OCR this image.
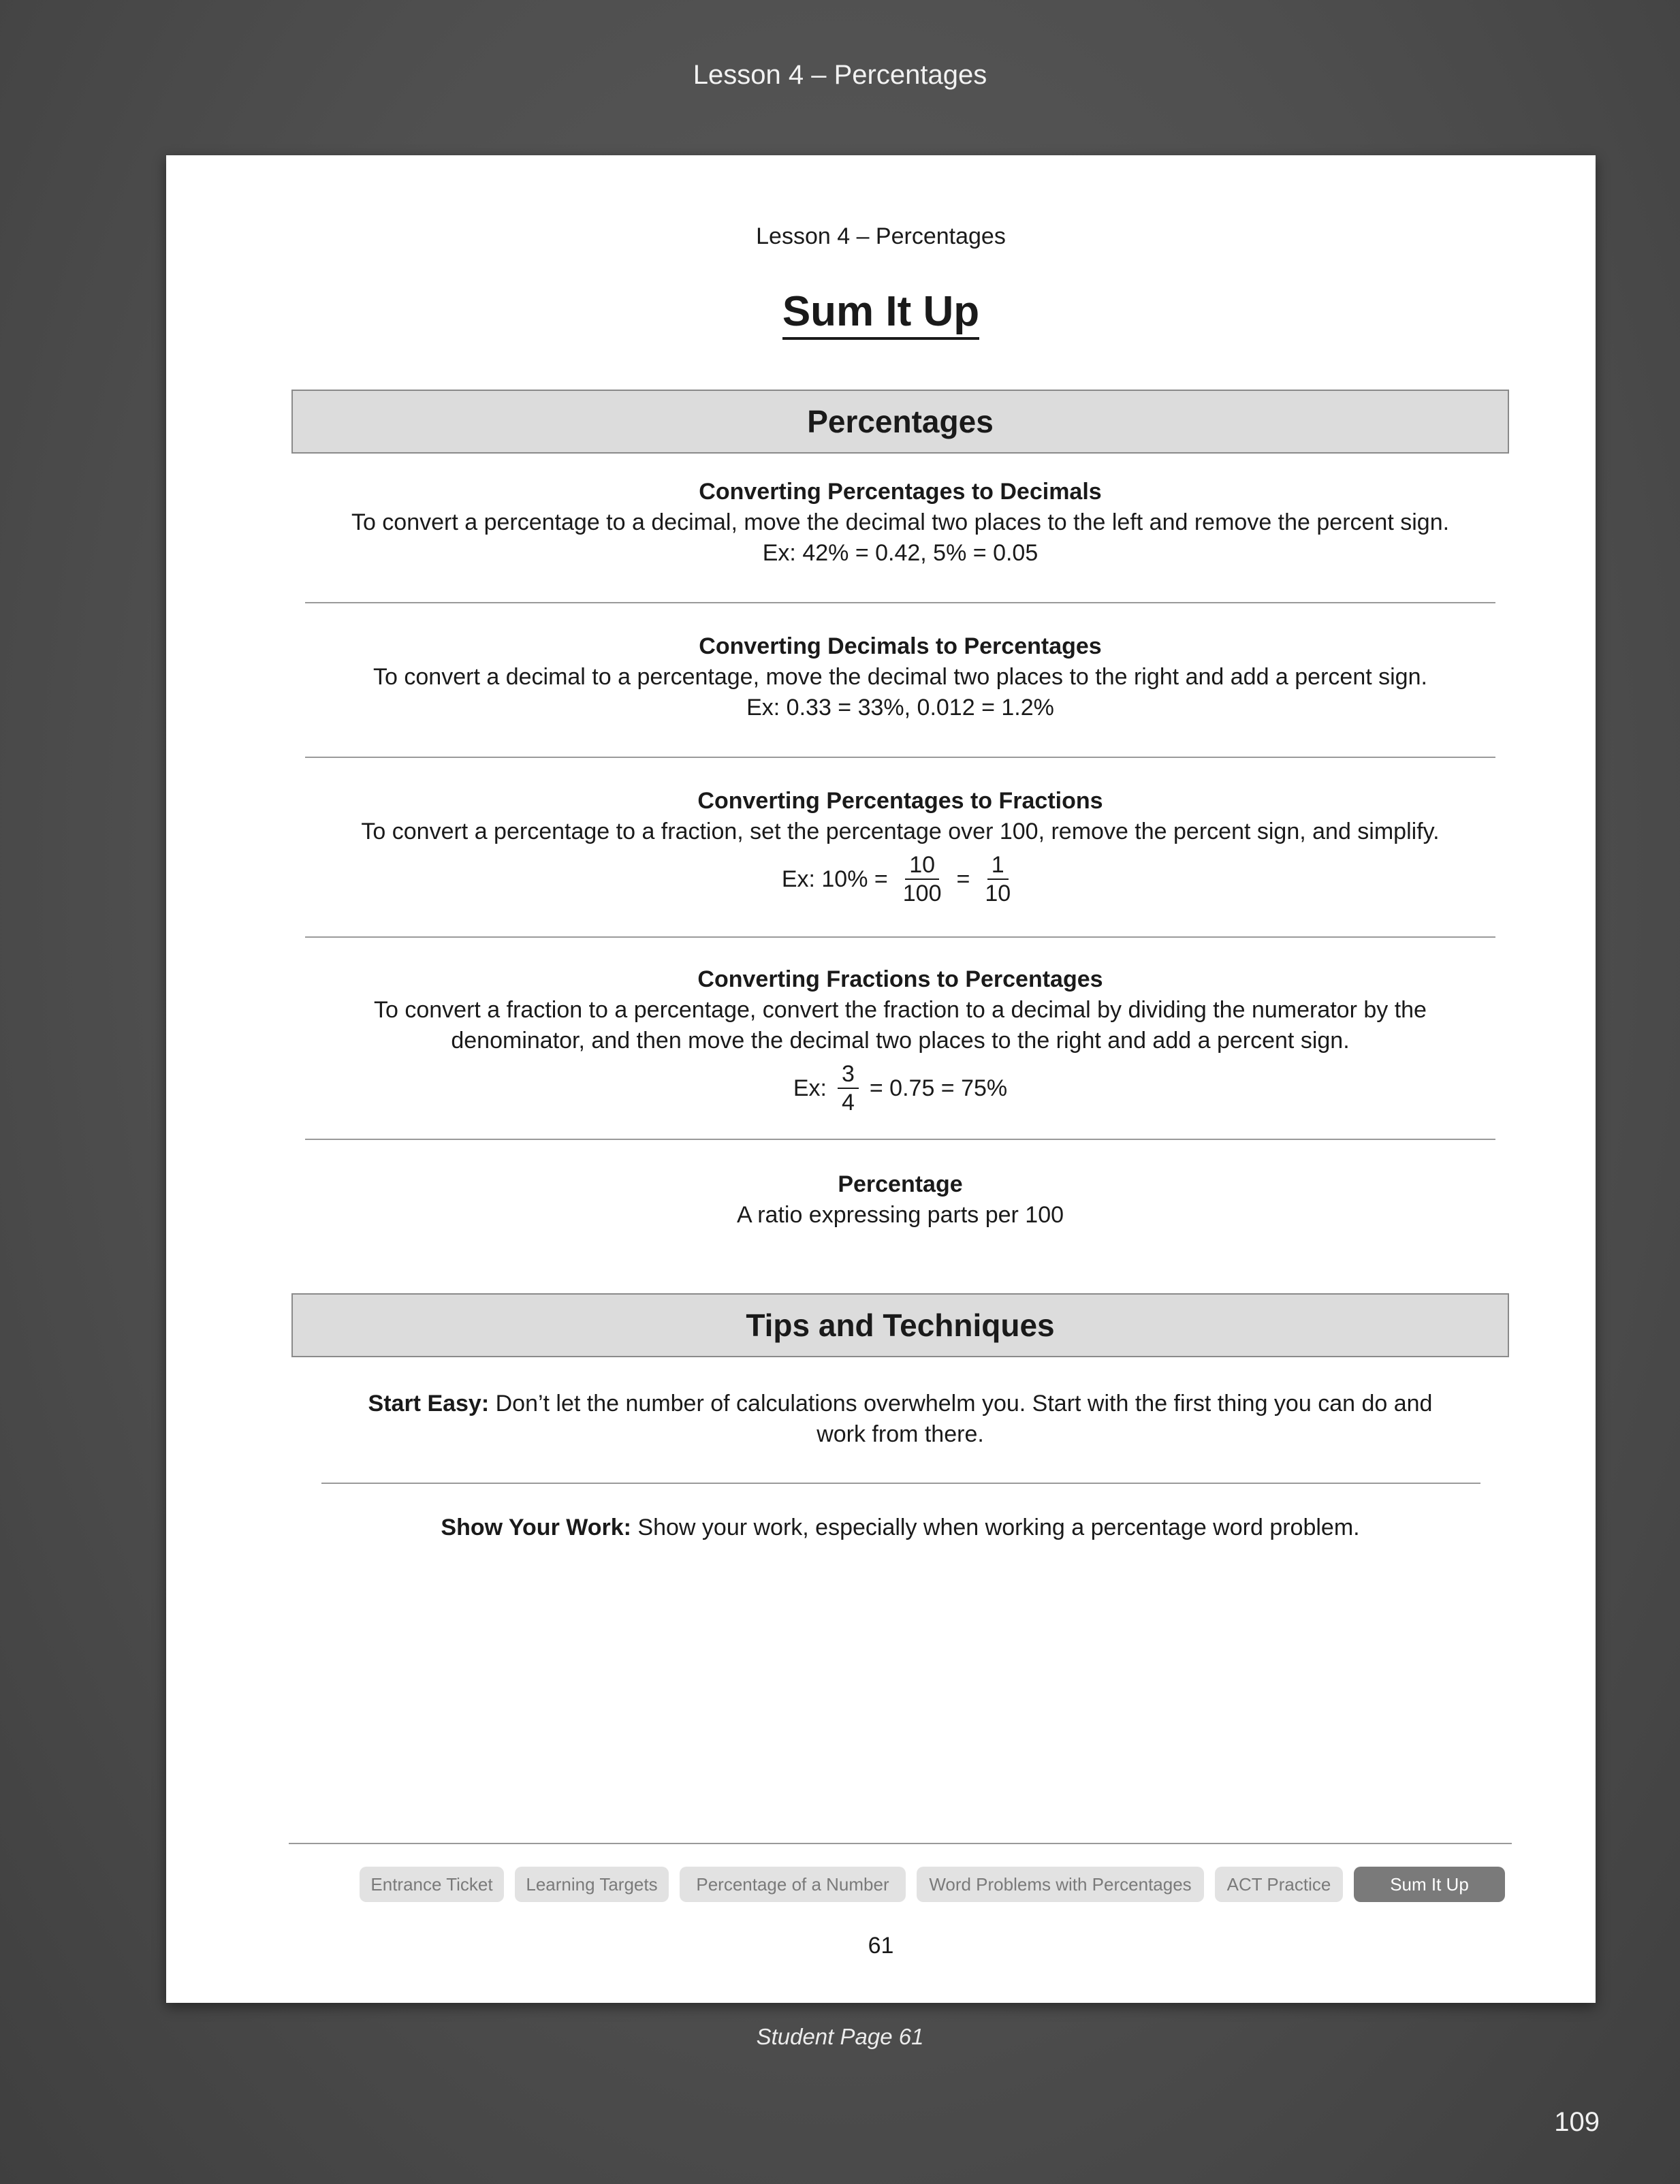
Lesson 4 – Percentages
Lesson 4 – Percentages
Sum It Up
Percentages
Converting Percentages to Decimals
To convert a percentage to a decimal, move the decimal two places to the left and remove the percent sign.
Ex: 42% = 0.42, 5% = 0.05
Converting Decimals to Percentages
To convert a decimal to a percentage, move the decimal two places to the right and add a percent sign.
Ex: 0.33 = 33%, 0.012 = 1.2%
Converting Percentages to Fractions
To convert a percentage to a fraction, set the percentage over 100, remove the percent sign, and simplify.
Ex: $10\% = \frac{10}{100} = \frac{1}{10}$
Converting Fractions to Percentages
To convert a fraction to a percentage, convert the fraction to a decimal by dividing the numerator by the
denominator, and then move the decimal two places to the right and add a percent sign.
Ex: $\frac{3}{4} = 0.75 = 75\%$
Percentage
A ratio expressing parts per 100
Tips and Techniques
Start Easy: Don’t let the number of calculations overwhelm you. Start with the first thing you can do and
work from there.
Show Your Work: Show your work, especially when working a percentage word problem.
Entrance Ticket	Learning Targets	Percentage of a Number	Word Problems with Percentages	ACT Practice	Sum It Up
61
Student Page 61
109
